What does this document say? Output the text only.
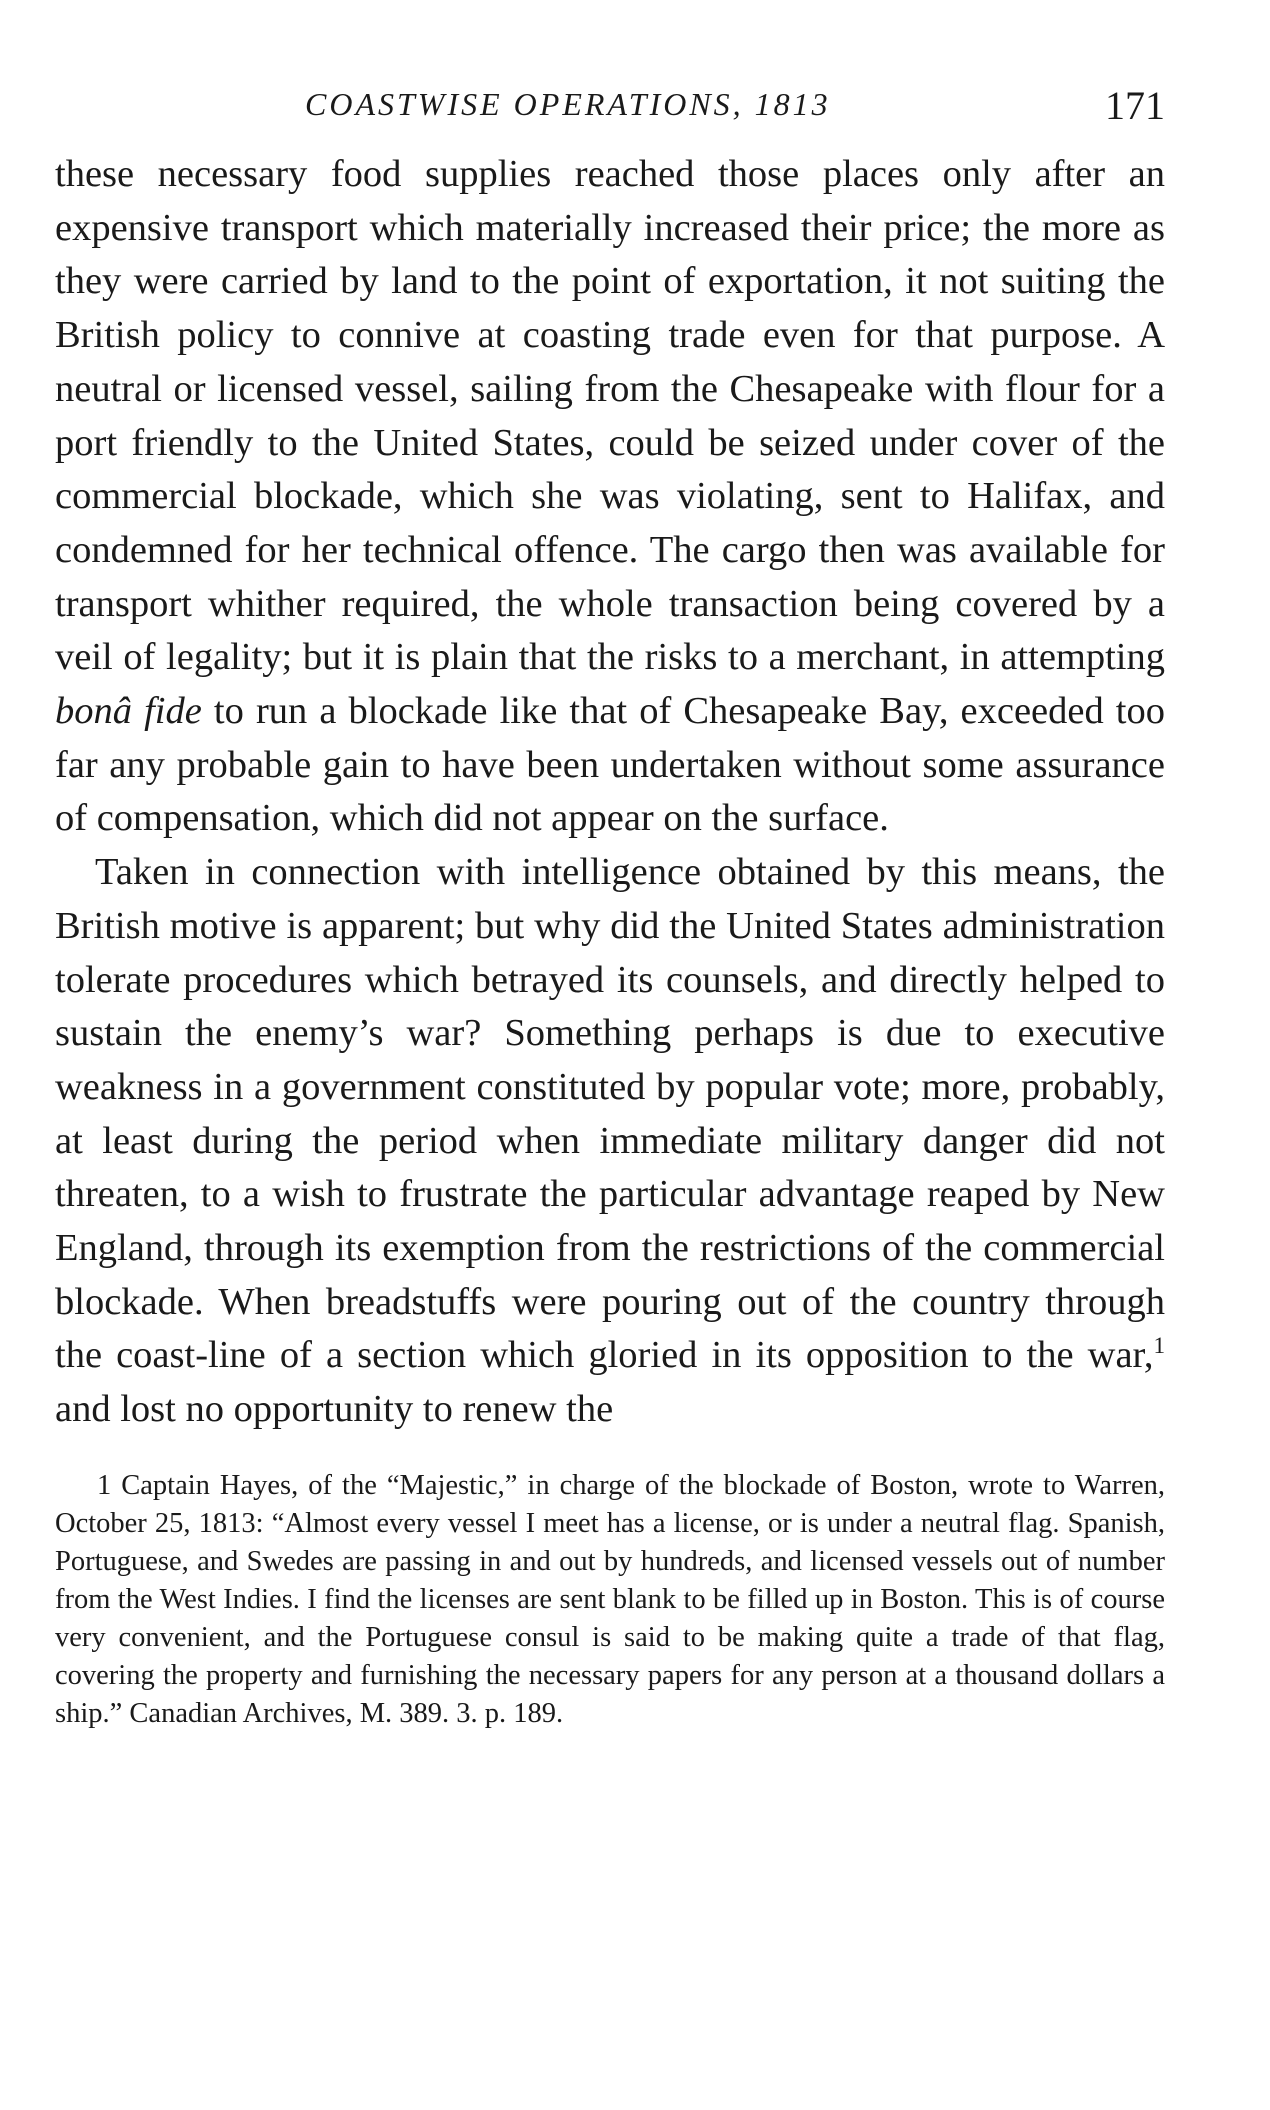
COASTWISE OPERATIONS, 1813	171

these necessary food supplies reached those places only after an expensive transport which materially increased their price; the more as they were carried by land to the point of exportation, it not suiting the British policy to connive at coasting trade even for that purpose. A neutral or licensed vessel, sailing from the Chesapeake with flour for a port friendly to the United States, could be seized under cover of the commercial blockade, which she was violating, sent to Halifax, and condemned for her technical offence. The cargo then was available for transport whither required, the whole transaction being covered by a veil of legality; but it is plain that the risks to a merchant, in attempting bonâ fide to run a blockade like that of Chesapeake Bay, exceeded too far any probable gain to have been undertaken without some assurance of compensation, which did not appear on the surface.

Taken in connection with intelligence obtained by this means, the British motive is apparent; but why did the United States administration tolerate procedures which betrayed its counsels, and directly helped to sustain the enemy’s war? Something perhaps is due to executive weakness in a government constituted by popular vote; more, probably, at least during the period when immediate military danger did not threaten, to a wish to frustrate the particular advantage reaped by New England, through its exemption from the restrictions of the commercial blockade. When breadstuffs were pouring out of the country through the coast-line of a section which gloried in its opposition to the war,$^1$ and lost no opportunity to renew the

1 Captain Hayes, of the “Majestic,” in charge of the blockade of Boston, wrote to Warren, October 25, 1813: “Almost every vessel I meet has a license, or is under a neutral flag. Spanish, Portuguese, and Swedes are passing in and out by hundreds, and licensed vessels out of number from the West Indies. I find the licenses are sent blank to be filled up in Boston. This is of course very convenient, and the Portuguese consul is said to be making quite a trade of that flag, covering the property and furnishing the necessary papers for any person at a thousand dollars a ship.” Canadian Archives, M. 389. 3. p. 189.
